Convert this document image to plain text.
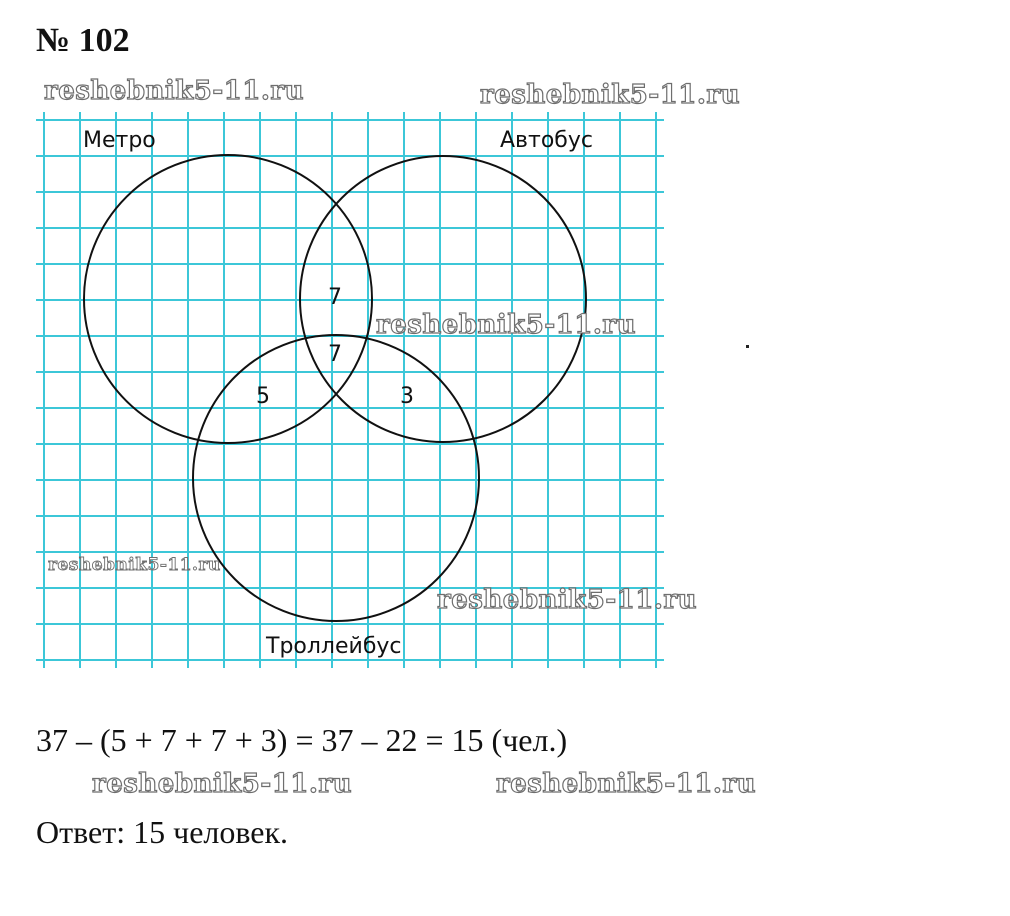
№ 102
Метро	Автобус
Троллейбус
7
7
5	3
reshebnik5-11.ru	reshebnik5-11.ru
reshebnik5-11.ru
reshebnik5-11.ru
reshebnik5-11.ru
reshebnik5-11.ru	reshebnik5-11.ru
37 – (5 + 7 + 7 + 3) = 37 – 22 = 15 (чел.)
Ответ: 15 человек.
